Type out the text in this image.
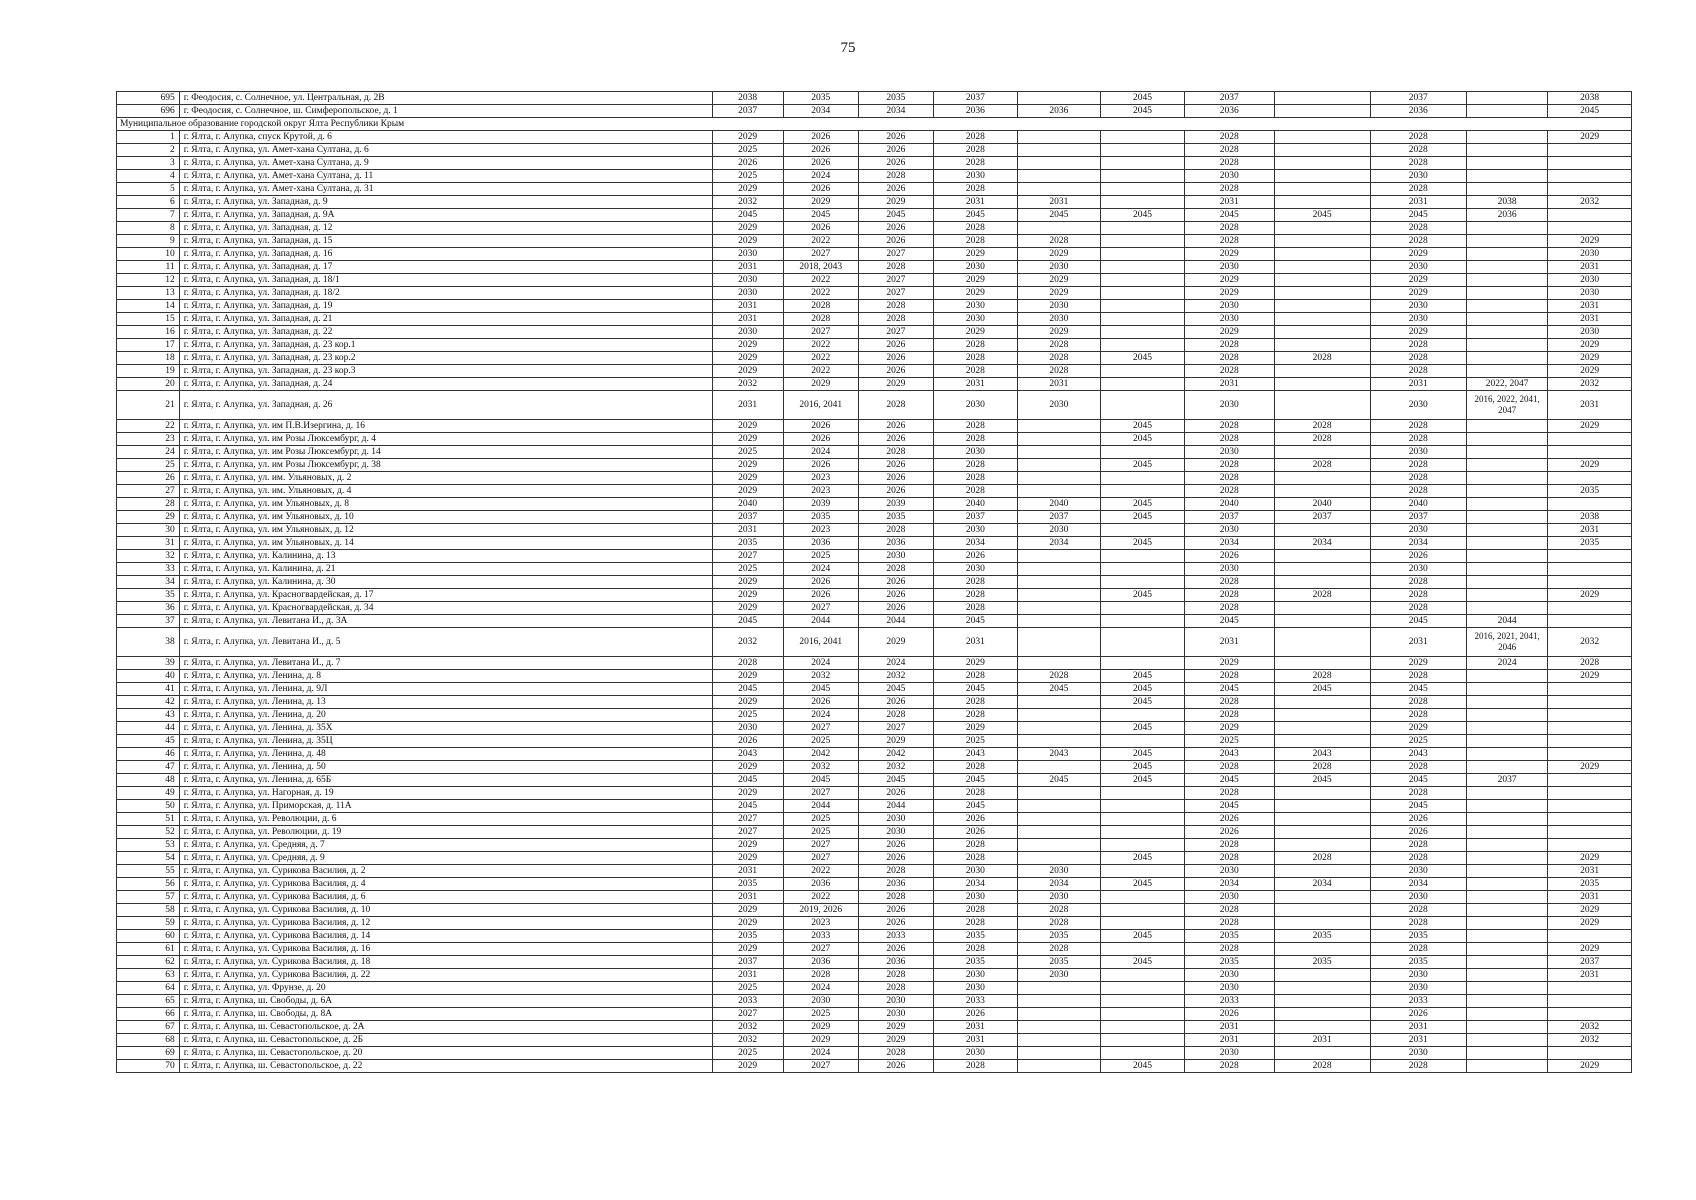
75
695	г. Феодосия, с. Солнечное, ул. Центральная, д. 2В	2038	2035	2035	2037		2045	2037		2037		2038
696	г. Феодосия, с. Солнечное, ш. Симферопольское, д. 1	2037	2034	2034	2036	2036	2045	2036		2036		2045
Муниципальное образование городской округ Ялта Республики Крым												
1	г. Ялта, г. Алупка, спуск Крутой, д. 6	2029	2026	2026	2028			2028		2028		2029
2	г. Ялта, г. Алупка, ул. Амет-хана Султана, д. 6	2025	2026	2026	2028			2028		2028		
3	г. Ялта, г. Алупка, ул. Амет-хана Султана, д. 9	2026	2026	2026	2028			2028		2028		
4	г. Ялта, г. Алупка, ул. Амет-хана Султана, д. 11	2025	2024	2028	2030			2030		2030		
5	г. Ялта, г. Алупка, ул. Амет-хана Султана, д. 31	2029	2026	2026	2028			2028		2028		
6	г. Ялта, г. Алупка, ул. Западная, д. 9	2032	2029	2029	2031	2031		2031		2031	2038	2032
7	г. Ялта, г. Алупка, ул. Западная, д. 9А	2045	2045	2045	2045	2045	2045	2045	2045	2045	2036	
8	г. Ялта, г. Алупка, ул. Западная, д. 12	2029	2026	2026	2028			2028		2028		
9	г. Ялта, г. Алупка, ул. Западная, д. 15	2029	2022	2026	2028	2028		2028		2028		2029
10	г. Ялта, г. Алупка, ул. Западная, д. 16	2030	2027	2027	2029	2029		2029		2029		2030
11	г. Ялта, г. Алупка, ул. Западная, д. 17	2031	2018, 2043	2028	2030	2030		2030		2030		2031
12	г. Ялта, г. Алупка, ул. Западная, д. 18/1	2030	2022	2027	2029	2029		2029		2029		2030
13	г. Ялта, г. Алупка, ул. Западная, д. 18/2	2030	2022	2027	2029	2029		2029		2029		2030
14	г. Ялта, г. Алупка, ул. Западная, д. 19	2031	2028	2028	2030	2030		2030		2030		2031
15	г. Ялта, г. Алупка, ул. Западная, д. 21	2031	2028	2028	2030	2030		2030		2030		2031
16	г. Ялта, г. Алупка, ул. Западная, д. 22	2030	2027	2027	2029	2029		2029		2029		2030
17	г. Ялта, г. Алупка, ул. Западная, д. 23 кор.1	2029	2022	2026	2028	2028		2028		2028		2029
18	г. Ялта, г. Алупка, ул. Западная, д. 23 кор.2	2029	2022	2026	2028	2028	2045	2028	2028	2028		2029
19	г. Ялта, г. Алупка, ул. Западная, д. 23 кор.3	2029	2022	2026	2028	2028		2028		2028		2029
20	г. Ялта, г. Алупка, ул. Западная, д. 24	2032	2029	2029	2031	2031		2031		2031	2022, 2047	2032
21	г. Ялта, г. Алупка, ул. Западная, д. 26	2031	2016, 2041	2028	2030	2030		2030		2030	2016, 2022, 2041, 2047	2031
22	г. Ялта, г. Алупка, ул. им П.В.Изергина, д. 16	2029	2026	2026	2028		2045	2028	2028	2028		2029
23	г. Ялта, г. Алупка, ул. им Розы Люксембург, д. 4	2029	2026	2026	2028		2045	2028	2028	2028		
24	г. Ялта, г. Алупка, ул. им Розы Люксембург, д. 14	2025	2024	2028	2030			2030		2030		
25	г. Ялта, г. Алупка, ул. им Розы Люксембург, д. 38	2029	2026	2026	2028		2045	2028	2028	2028		2029
26	г. Ялта, г. Алупка, ул. им. Ульяновых, д. 2	2029	2023	2026	2028			2028		2028		
27	г. Ялта, г. Алупка, ул. им. Ульяновых, д. 4	2029	2023	2026	2028			2028		2028		2035
28	г. Ялта, г. Алупка, ул. им Ульяновых, д. 8	2040	2039	2039	2040	2040	2045	2040	2040	2040		
29	г. Ялта, г. Алупка, ул. им Ульяновых, д. 10	2037	2035	2035	2037	2037	2045	2037	2037	2037		2038
30	г. Ялта, г. Алупка, ул. им Ульяновых, д. 12	2031	2023	2028	2030	2030		2030		2030		2031
31	г. Ялта, г. Алупка, ул. им Ульяновых, д. 14	2035	2036	2036	2034	2034	2045	2034	2034	2034		2035
32	г. Ялта, г. Алупка, ул. Калинина, д. 13	2027	2025	2030	2026			2026		2026		
33	г. Ялта, г. Алупка, ул. Калинина, д. 21	2025	2024	2028	2030			2030		2030		
34	г. Ялта, г. Алупка, ул. Калинина, д. 30	2029	2026	2026	2028			2028		2028		
35	г. Ялта, г. Алупка, ул. Красногвардейская, д. 17	2029	2026	2026	2028		2045	2028	2028	2028		2029
36	г. Ялта, г. Алупка, ул. Красногвардейская, д. 34	2029	2027	2026	2028			2028		2028		
37	г. Ялта, г. Алупка, ул. Левитана И., д. 3А	2045	2044	2044	2045			2045		2045	2044	
38	г. Ялта, г. Алупка, ул. Левитана И., д. 5	2032	2016, 2041	2029	2031			2031		2031	2016, 2021, 2041, 2046	2032
39	г. Ялта, г. Алупка, ул. Левитана И., д. 7	2028	2024	2024	2029			2029		2029	2024	2028
40	г. Ялта, г. Алупка, ул. Ленина, д. 8	2029	2032	2032	2028	2028	2045	2028	2028	2028		2029
41	г. Ялта, г. Алупка, ул. Ленина, д. 9Л	2045	2045	2045	2045	2045	2045	2045	2045	2045		
42	г. Ялта, г. Алупка, ул. Ленина, д. 13	2029	2026	2026	2028		2045	2028		2028		
43	г. Ялта, г. Алупка, ул. Ленина, д. 20	2025	2024	2028	2028			2028		2028		
44	г. Ялта, г. Алупка, ул. Ленина, д. 35Х	2030	2027	2027	2029		2045	2029		2029		
45	г. Ялта, г. Алупка, ул. Ленина, д. 35Ц	2026	2025	2029	2025			2025		2025		
46	г. Ялта, г. Алупка, ул. Ленина, д. 48	2043	2042	2042	2043	2043	2045	2043	2043	2043		
47	г. Ялта, г. Алупка, ул. Ленина, д. 50	2029	2032	2032	2028		2045	2028	2028	2028		2029
48	г. Ялта, г. Алупка, ул. Ленина, д. 65Б	2045	2045	2045	2045	2045	2045	2045	2045	2045	2037	
49	г. Ялта, г. Алупка, ул. Нагорная, д. 19	2029	2027	2026	2028			2028		2028		
50	г. Ялта, г. Алупка, ул. Приморская, д. 11А	2045	2044	2044	2045			2045		2045		
51	г. Ялта, г. Алупка, ул. Революции, д. 6	2027	2025	2030	2026			2026		2026		
52	г. Ялта, г. Алупка, ул. Революции, д. 19	2027	2025	2030	2026			2026		2026		
53	г. Ялта, г. Алупка, ул. Средняя, д. 7	2029	2027	2026	2028			2028		2028		
54	г. Ялта, г. Алупка, ул. Средняя, д. 9	2029	2027	2026	2028		2045	2028	2028	2028		2029
55	г. Ялта, г. Алупка, ул. Сурикова Василия, д. 2	2031	2022	2028	2030	2030		2030		2030		2031
56	г. Ялта, г. Алупка, ул. Сурикова Василия, д. 4	2035	2036	2036	2034	2034	2045	2034	2034	2034		2035
57	г. Ялта, г. Алупка, ул. Сурикова Василия, д. 6	2031	2022	2028	2030	2030		2030		2030		2031
58	г. Ялта, г. Алупка, ул. Сурикова Василия, д. 10	2029	2019, 2026	2026	2028	2028		2028		2028		2029
59	г. Ялта, г. Алупка, ул. Сурикова Василия, д. 12	2029	2023	2026	2028	2028		2028		2028		2029
60	г. Ялта, г. Алупка, ул. Сурикова Василия, д. 14	2035	2033	2033	2035	2035	2045	2035	2035	2035		
61	г. Ялта, г. Алупка, ул. Сурикова Василия, д. 16	2029	2027	2026	2028	2028		2028		2028		2029
62	г. Ялта, г. Алупка, ул. Сурикова Василия, д. 18	2037	2036	2036	2035	2035	2045	2035	2035	2035		2037
63	г. Ялта, г. Алупка, ул. Сурикова Василия, д. 22	2031	2028	2028	2030	2030		2030		2030		2031
64	г. Ялта, г. Алупка, ул. Фрунзе, д. 20	2025	2024	2028	2030			2030		2030		
65	г. Ялта, г. Алупка, ш. Свободы, д. 6А	2033	2030	2030	2033			2033		2033		
66	г. Ялта, г. Алупка, ш. Свободы, д. 8А	2027	2025	2030	2026			2026		2026		
67	г. Ялта, г. Алупка, ш. Севастопольское, д. 2А	2032	2029	2029	2031			2031		2031		2032
68	г. Ялта, г. Алупка, ш. Севастопольское, д. 2Б	2032	2029	2029	2031			2031	2031	2031		2032
69	г. Ялта, г. Алупка, ш. Севастопольское, д. 20	2025	2024	2028	2030			2030		2030		
70	г. Ялта, г. Алупка, ш. Севастопольское, д. 22	2029	2027	2026	2028		2045	2028	2028	2028		2029
